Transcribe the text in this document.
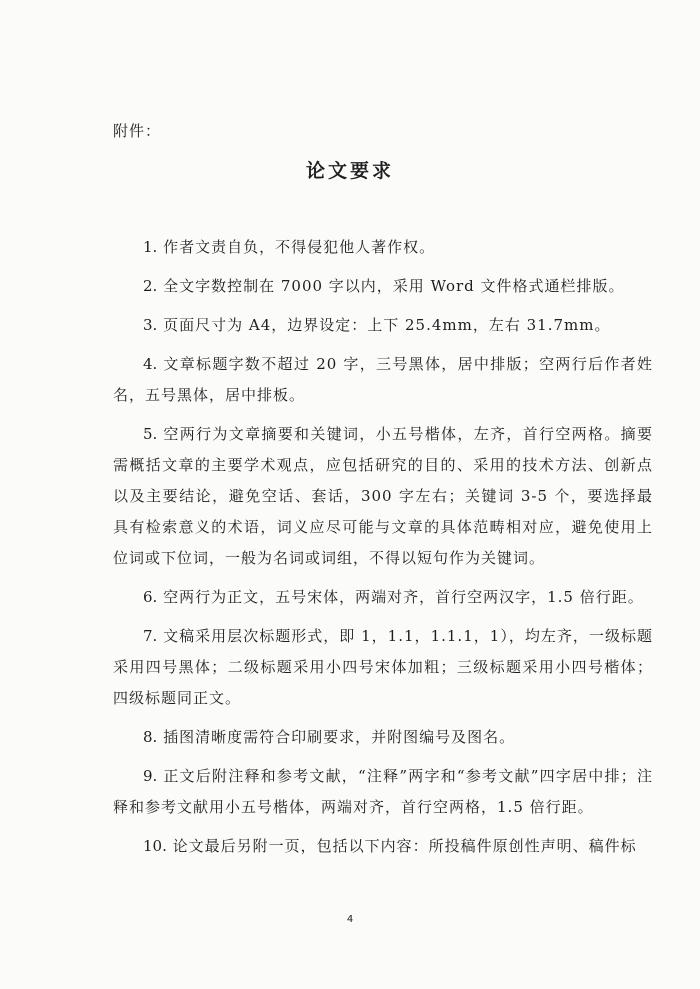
附件：
论文要求

1. 作者文责自负，不得侵犯他人著作权。

2. 全文字数控制在 7000 字以内，采用 Word 文件格式通栏排版。

3. 页面尺寸为 A4，边界设定：上下 25.4mm，左右 31.7mm。

4. 文章标题字数不超过 20 字，三号黑体，居中排版；空两行后作者姓名，五号黑体，居中排板。

5. 空两行为文章摘要和关键词，小五号楷体，左齐，首行空两格。摘要需概括文章的主要学术观点，应包括研究的目的、采用的技术方法、创新点以及主要结论，避免空话、套话，300 字左右；关键词 3-5 个，要选择最具有检索意义的术语，词义应尽可能与文章的具体范畴相对应，避免使用上位词或下位词，一般为名词或词组，不得以短句作为关键词。

6. 空两行为正文，五号宋体，两端对齐，首行空两汉字，1.5 倍行距。

7. 文稿采用层次标题形式，即 1，1.1，1.1.1，1），均左齐，一级标题采用四号黑体；二级标题采用小四号宋体加粗；三级标题采用小四号楷体；四级标题同正文。

8. 插图清晰度需符合印刷要求，并附图编号及图名。

9. 正文后附注释和参考文献，“注释”两字和“参考文献”四字居中排；注释和参考文献用小五号楷体，两端对齐，首行空两格，1.5 倍行距。

10. 论文最后另附一页，包括以下内容：所投稿件原创性声明、稿件标

4
